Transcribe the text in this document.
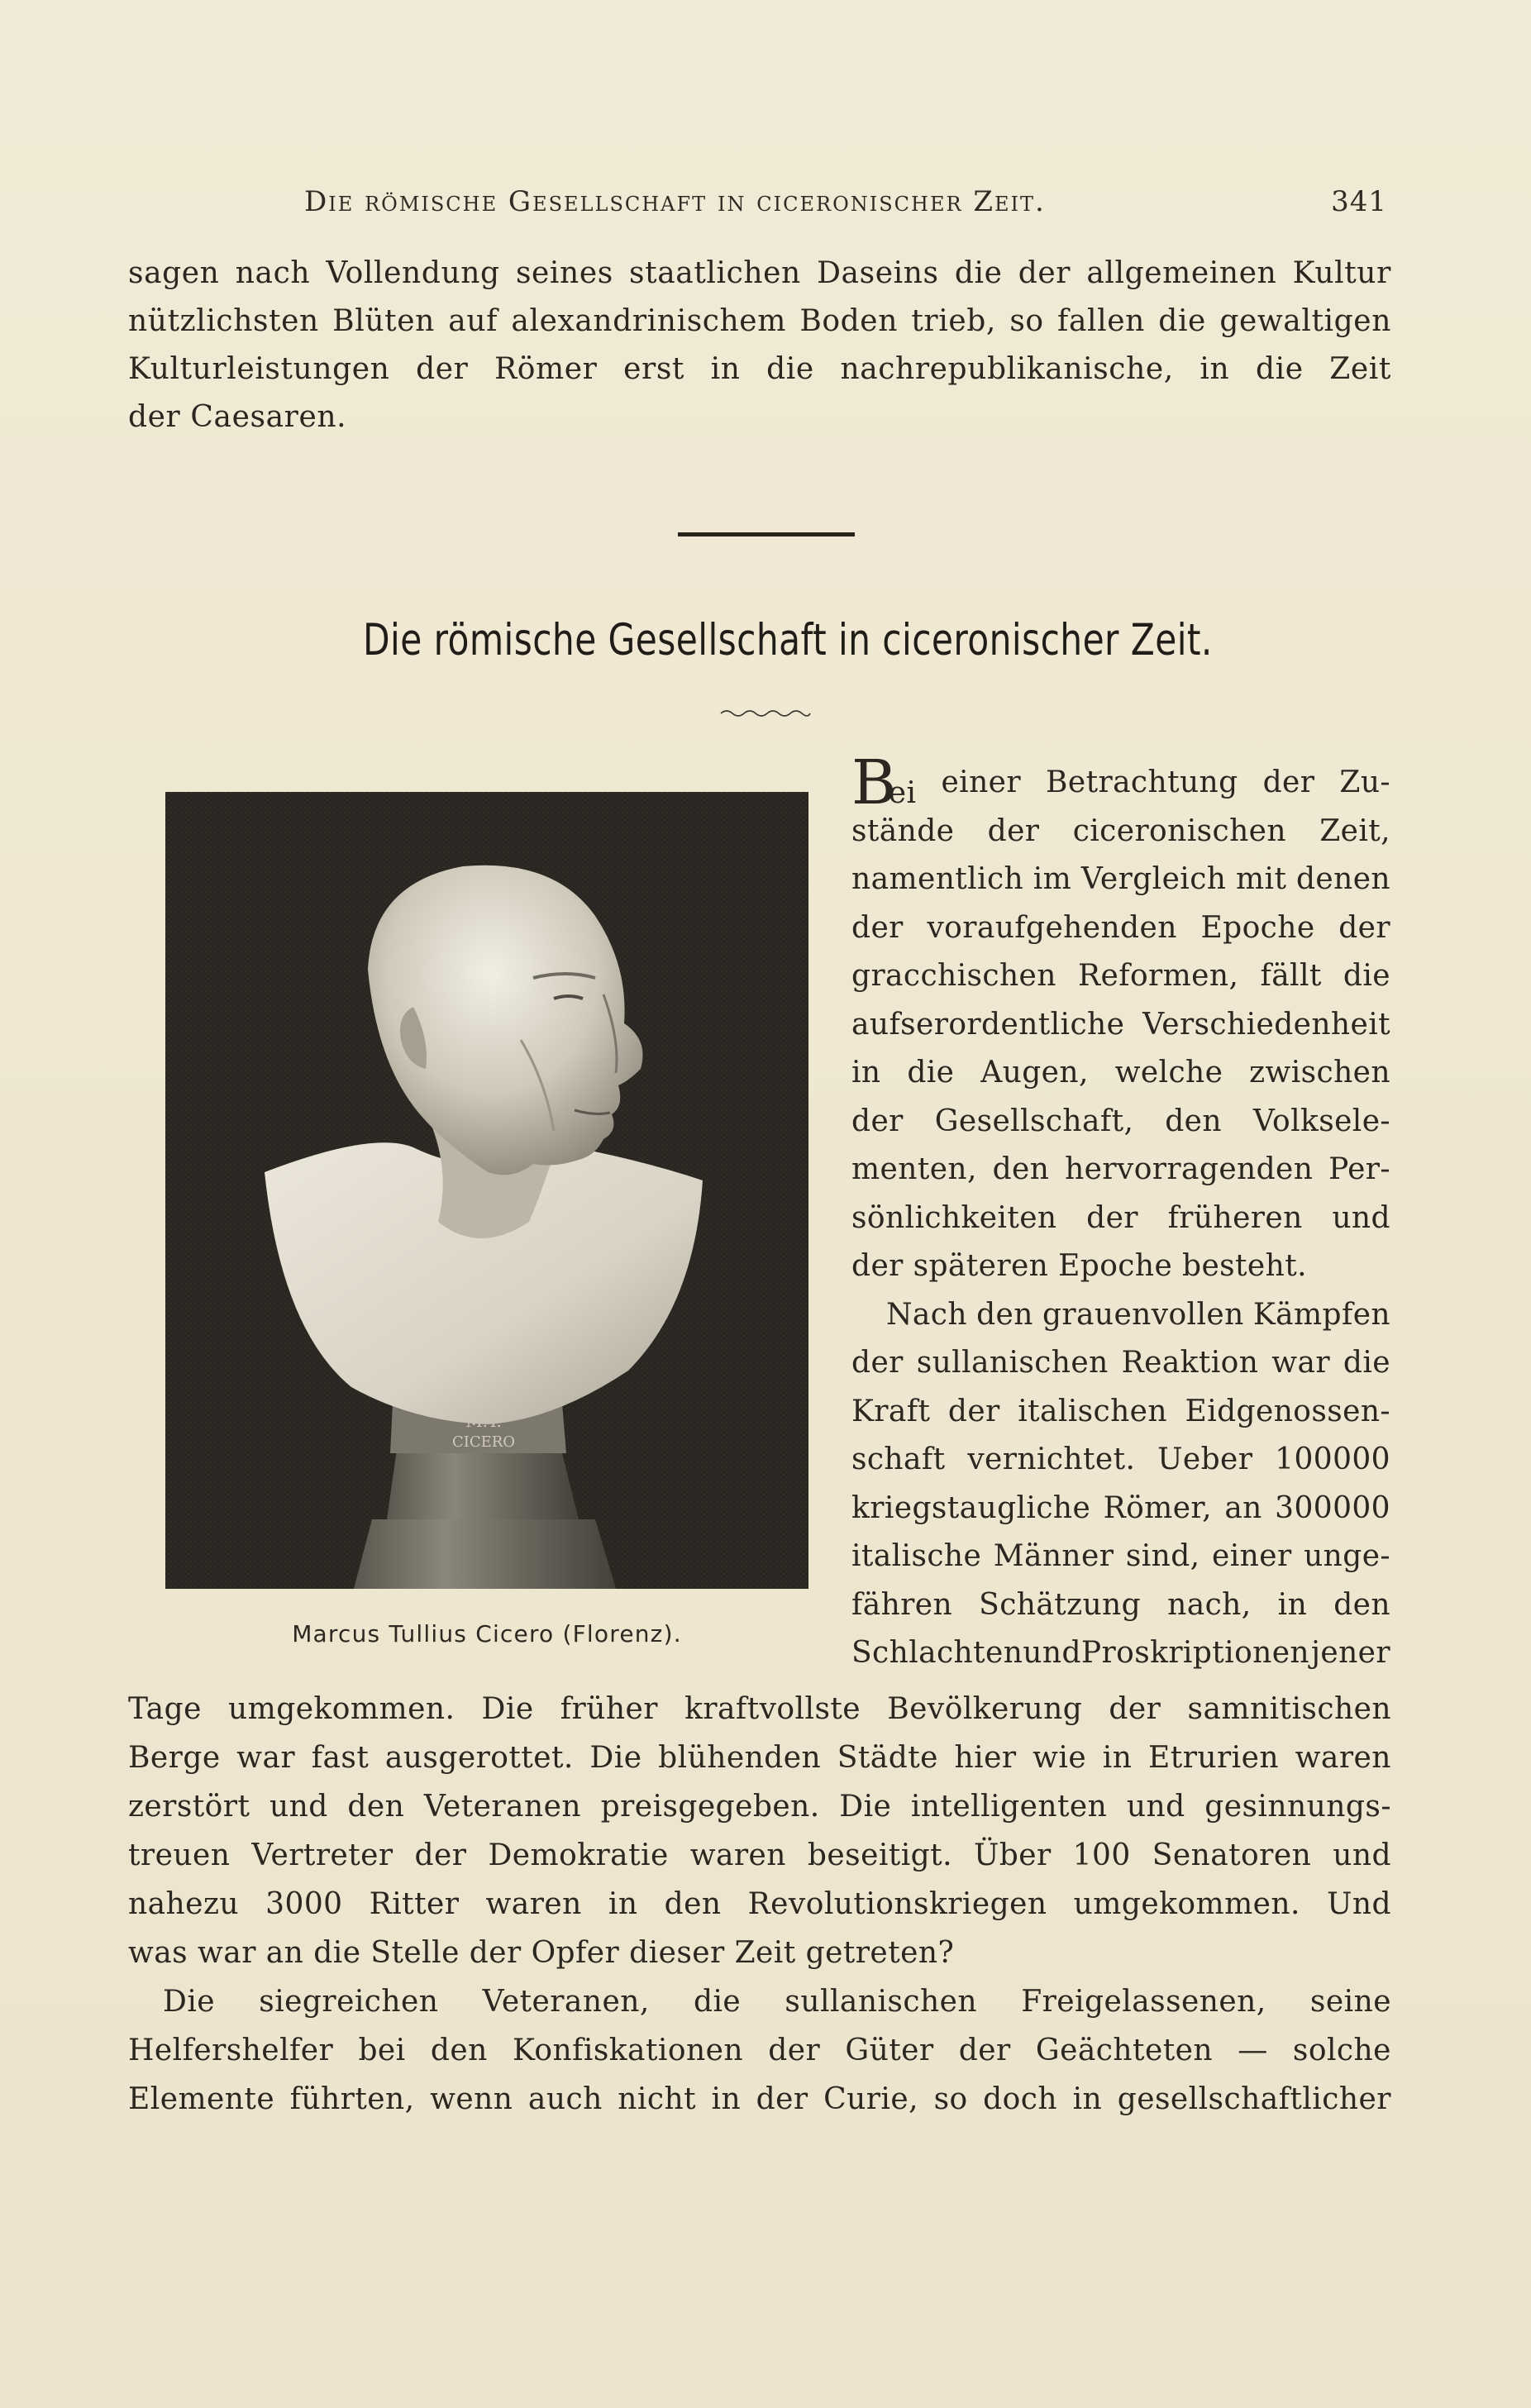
Die römische Gesellschaft in ciceronischer Zeit.	341
sagen nach Vollendung seines staatlichen Daseins die der allgemeinen Kultur
nützlichsten Blüten auf alexandrinischem Boden trieb, so fallen die gewaltigen
Kulturleistungen der Römer erst in die nachrepublikanische, in die Zeit
der
Caesaren.
Die römische Gesellschaft in ciceronischer Zeit.
CICERO
Marcus Tullius Cicero (Florenz).
Bei einer Betrachtung der Zu-
stände der ciceronischen Zeit,
namentlich im Vergleich mit denen
der voraufgehenden Epoche der
gracchischen Reformen, fällt die
aufserordentliche Verschiedenheit
in die Augen, welche zwischen
der Gesellschaft, den Volksele-
menten, den hervorragenden Per-
sönlichkeiten der früheren und
der
späteren
Epoche
besteht.
Nach den grauenvollen Kämpfen
der sullanischen Reaktion war die
Kraft der italischen Eidgenossen-
schaft vernichtet. Ueber 100000
kriegstaugliche Römer, an 300000
italische Männer sind, einer unge-
fähren Schätzung nach, in den
SchlachtenundProskriptionen jener
Tage umgekommen. Die früher kraftvollste Bevölkerung der samnitischen
Berge war fast ausgerottet. Die blühenden Städte hier wie in Etrurien waren
zerstört und den Veteranen preisgegeben. Die intelligenten und gesinnungs-
treuen Vertreter der Demokratie waren beseitigt. Über 100 Senatoren und
nahezu 3000 Ritter waren in den Revolutionskriegen umgekommen. Und
was
war
an
die
Stelle
der
Opfer
dieser
Zeit
getreten?
Die siegreichen Veteranen, die sullanischen Freigelassenen, seine
Helfershelfer bei den Konfiskationen der Güter der Geächteten — solche
Elemente führten, wenn auch nicht in der Curie, so doch in gesellschaftlicher
